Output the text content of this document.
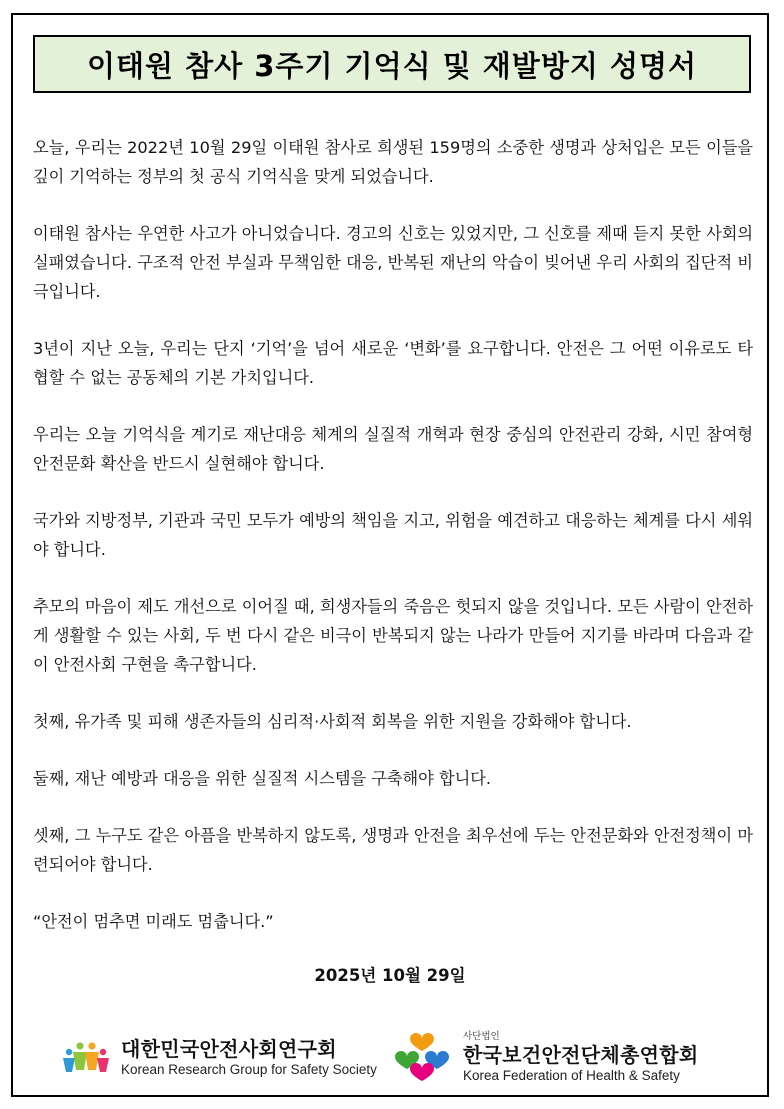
이태원 참사 3주기 기억식 및 재발방지 성명서

오늘, 우리는 2022년 10월 29일 이태원 참사로 희생된 159명의 소중한 생명과 상처입은 모든 이들을 깊이 기억하는 정부의 첫 공식 기억식을 맞게 되었습니다.

이태원 참사는 우연한 사고가 아니었습니다. 경고의 신호는 있었지만, 그 신호를 제때 듣지 못한 사회의 실패였습니다. 구조적 안전 부실과 무책임한 대응, 반복된 재난의 악습이 빚어낸 우리 사회의 집단적 비극입니다.

3년이 지난 오늘, 우리는 단지 ‘기억’을 넘어 새로운 ‘변화’를 요구합니다. 안전은 그 어떤 이유로도 타협할 수 없는 공동체의 기본 가치입니다.

우리는 오늘 기억식을 계기로 재난대응 체계의 실질적 개혁과 현장 중심의 안전관리 강화, 시민 참여형 안전문화 확산을 반드시 실현해야 합니다.

국가와 지방정부, 기관과 국민 모두가 예방의 책임을 지고, 위험을 예견하고 대응하는 체계를 다시 세워야 합니다.

추모의 마음이 제도 개선으로 이어질 때, 희생자들의 죽음은 헛되지 않을 것입니다. 모든 사람이 안전하게 생활할 수 있는 사회, 두 번 다시 같은 비극이 반복되지 않는 나라가 만들어 지기를 바라며 다음과 같이 안전사회 구현을 촉구합니다.

첫째, 유가족 및 피해 생존자들의 심리적·사회적 회복을 위한 지원을 강화해야 합니다.

둘째, 재난 예방과 대응을 위한 실질적 시스템을 구축해야 합니다.

셋째, 그 누구도 같은 아픔을 반복하지 않도록, 생명과 안전을 최우선에 두는 안전문화와 안전정책이 마련되어야 합니다.

“안전이 멈추면 미래도 멈춥니다.”

2025년 10월 29일
대한민국안전사회연구회
Korean Research Group for Safety Society
사단법인
한국보건안전단체총연합회
Korea Federation of Health & Safety
